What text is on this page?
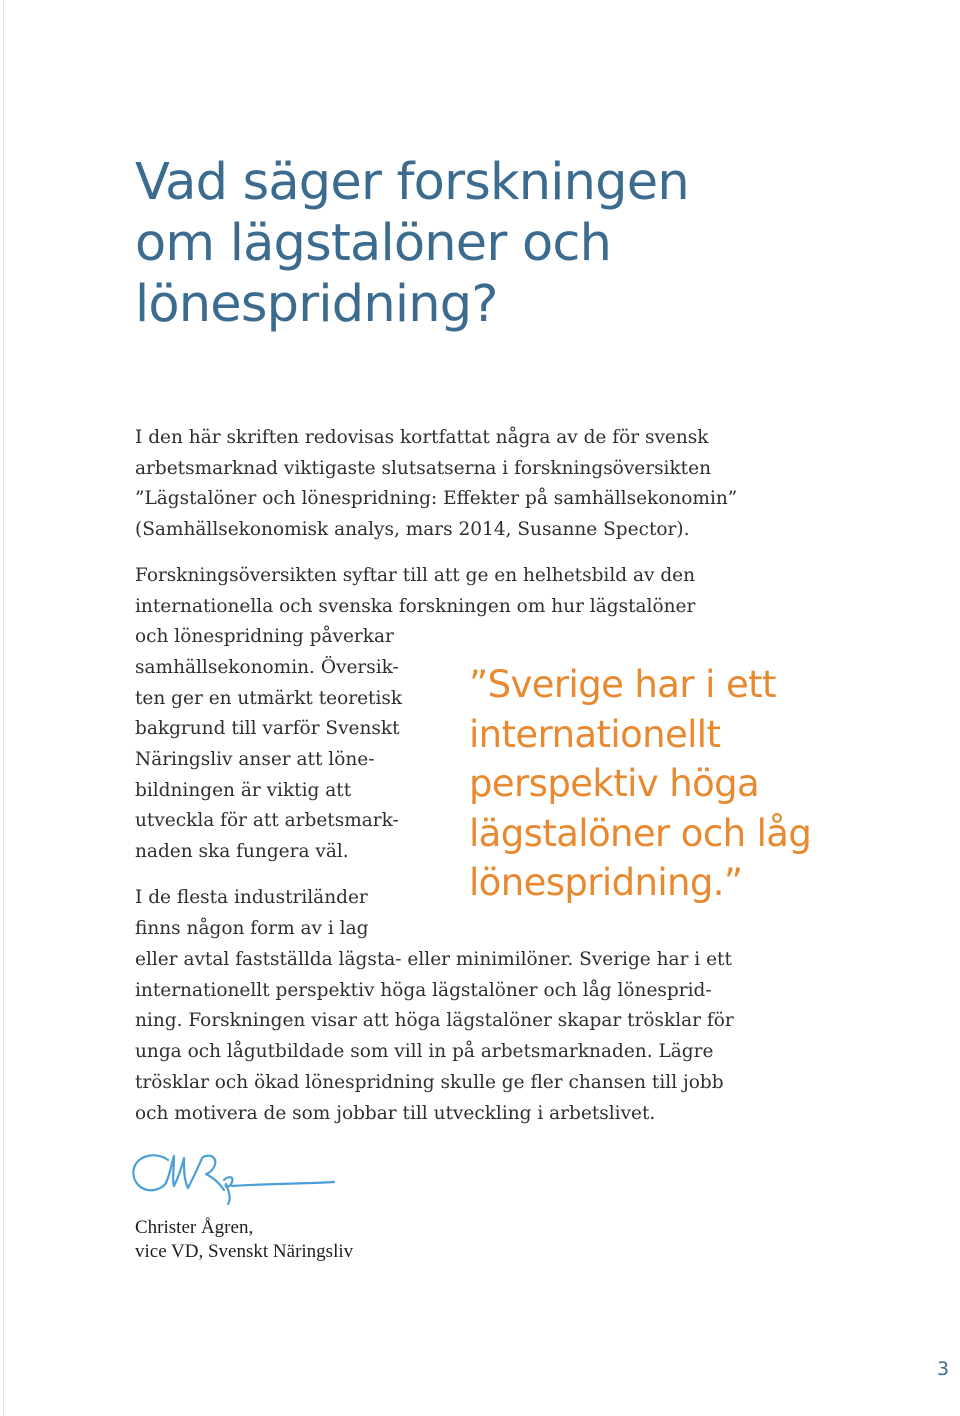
Vad säger forskningen
om lägstalöner och
lönespridning?
I den här skriften redovisas kortfattat några av de för svensk
arbetsmarknad viktigaste slutsatserna i forskningsöversikten
”Lägstalöner och lönespridning: Effekter på samhällsekonomin”
(Samhällsekonomisk analys, mars 2014, Susanne Spector).
Forskningsöversikten syftar till att ge en helhetsbild av den
internationella och svenska forskningen om hur lägstalöner
och lönespridning påverkar
samhällsekonomin. Översik-
ten ger en utmärkt teoretisk
bakgrund till varför Svenskt
Näringsliv anser att löne-
bildningen är viktig att
utveckla för att arbetsmark-
naden ska fungera väl.
I de flesta industriländer
finns någon form av i lag
eller avtal fastställda lägsta- eller minimilöner. Sverige har i ett
internationellt perspektiv höga lägstalöner och låg lönesprid-
ning. Forskningen visar att höga lägstalöner skapar trösklar för
unga och lågutbildade som vill in på arbetsmarknaden. Lägre
trösklar och ökad lönespridning skulle ge fler chansen till jobb
och motivera de som jobbar till utveckling i arbetslivet.
”Sverige har i ett
internationellt
perspektiv höga
lägstalöner och låg
lönespridning.”
Christer Ågren,
vice VD, Svenskt Näringsliv
3
